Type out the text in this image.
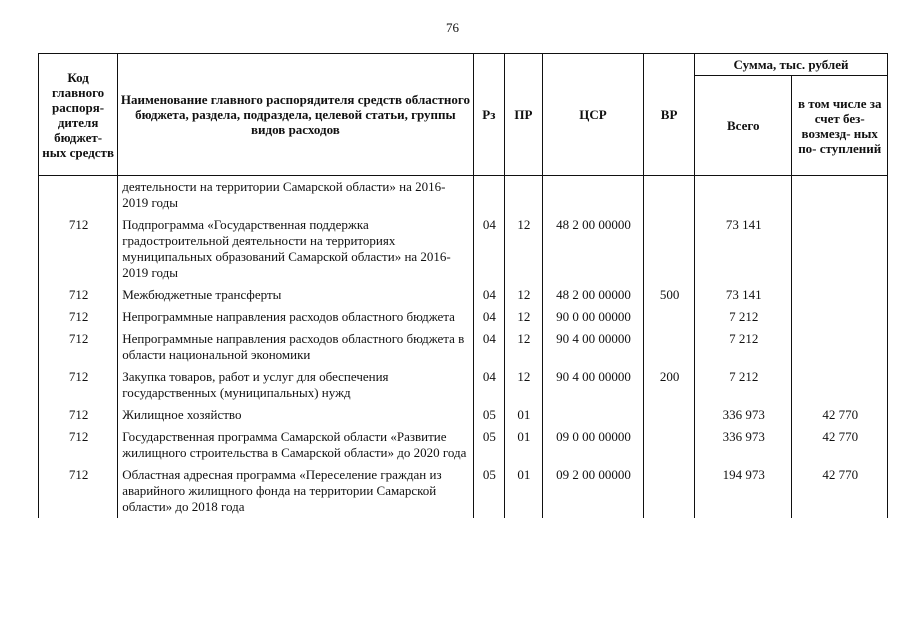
76
Код главного распоря- дителя бюджет- ных средств	Наименование главного распорядителя средств областного бюджета, раздела, подраздела, целевой статьи, группы видов расходов	Рз	ПР	ЦСР	ВР	Сумма, тыс. рублей	
						Всего	в том числе за счет без- возмезд- ных по- ступлений
	деятельности на территории Самарской области» на 2016-2019 годы						
712	Подпрограмма «Государственная поддержка градостроительной деятельности на территориях муниципальных образований Самарской области» на 2016-2019 годы	04	12	48 2 00 00000		73 141	
712	Межбюджетные трансферты	04	12	48 2 00 00000	500	73 141	
712	Непрограммные направления расходов областного бюджета	04	12	90 0 00 00000		7 212	
712	Непрограммные направления расходов областного бюджета в области национальной экономики	04	12	90 4 00 00000		7 212	
712	Закупка товаров, работ и услуг для обеспечения государственных (муниципальных) нужд	04	12	90 4 00 00000	200	7 212	
712	Жилищное хозяйство	05	01			336 973	42 770
712	Государственная программа Самарской области «Развитие жилищного строительства в Самарской области» до 2020 года	05	01	09 0 00 00000		336 973	42 770
712	Областная адресная программа «Переселение граждан из аварийного жилищного фонда на территории Самарской области» до 2018 года	05	01	09 2 00 00000		194 973	42 770
